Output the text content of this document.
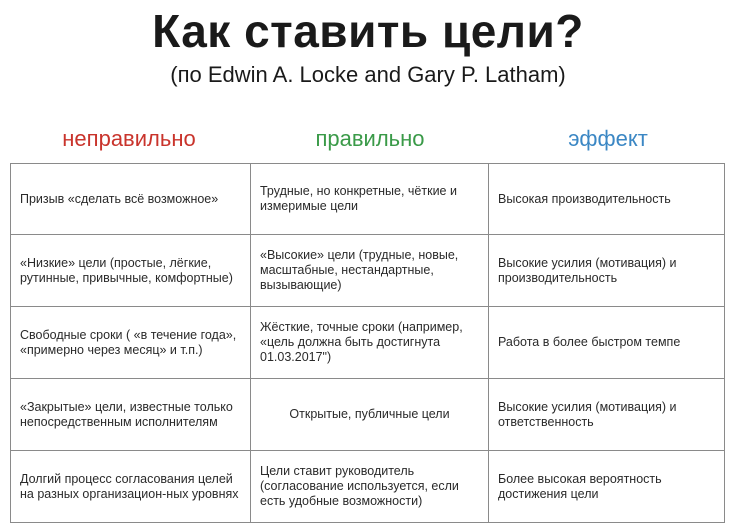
Как ставить цели?
(по Edwin A. Locke and Gary P. Latham)
неправильно	правильно	эффект
Призыв «сделать всё возможное»	Трудные, но конкретные, чёткие и измеримые цели	Высокая производительность
«Низкие» цели (простые, лёгкие, рутинные, привычные, комфортные)	«Высокие» цели (трудные, новые, масштабные, нестандартные, вызывающие)	Высокие усилия (мотивация) и производительность
Свободные сроки ( «в течение года», «примерно через месяц» и т.п.)	Жёсткие, точные сроки (например, «цель должна быть достигнута 01.03.2017")	Работа в более быстром темпе
«Закрытые» цели, известные только непосредственным исполнителям	Открытые, публичные цели	Высокие усилия (мотивация) и ответственность
Долгий процесс согласования целей на разных организацион-ных уровнях	Цели ставит руководитель (согласование используется, если есть удобные возможности)	Более высокая вероятность достижения цели
